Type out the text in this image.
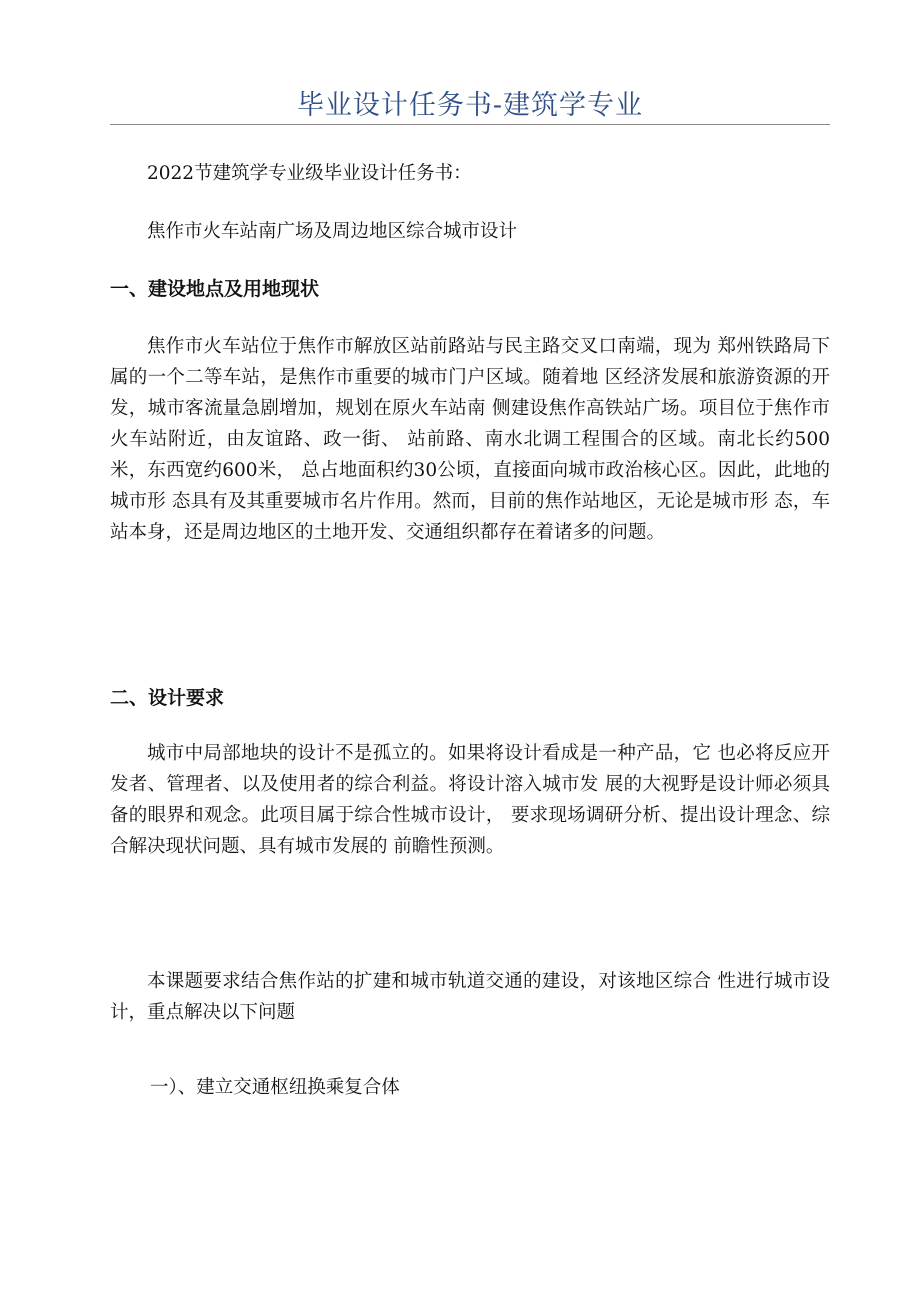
毕业设计任务书-建筑学专业

2022节建筑学专业级毕业设计任务书：

焦作市火车站南广场及周边地区综合城市设计

一、建设地点及用地现状

焦作市火车站位于焦作市解放区站前路站与民主路交叉口南端，现为 郑州铁路局下属的一个二等车站，是焦作市重要的城市门户区域。随着地 区经济发展和旅游资源的开发，城市客流量急剧增加，规划在原火车站南 侧建设焦作高铁站广场。项目位于焦作市火车站附近，由友谊路、政一街、 站前路、南水北调工程围合的区域。南北长约500米，东西宽约600米， 总占地面积约30公顷，直接面向城市政治核心区。因此，此地的城市形 态具有及其重要城市名片作用。然而，目前的焦作站地区，无论是城市形 态，车站本身，还是周边地区的土地开发、交通组织都存在着诸多的问题。

二、设计要求

城市中局部地块的设计不是孤立的。如果将设计看成是一种产品，它 也必将反应开发者、管理者、以及使用者的综合利益。将设计溶入城市发 展的大视野是设计师必须具备的眼界和观念。此项目属于综合性城市设计， 要求现场调研分析、提出设计理念、综合解决现状问题、具有城市发展的 前瞻性预测。

本课题要求结合焦作站的扩建和城市轨道交通的建设，对该地区综合 性进行城市设计，重点解决以下问题

一）、建立交通枢纽换乘复合体
